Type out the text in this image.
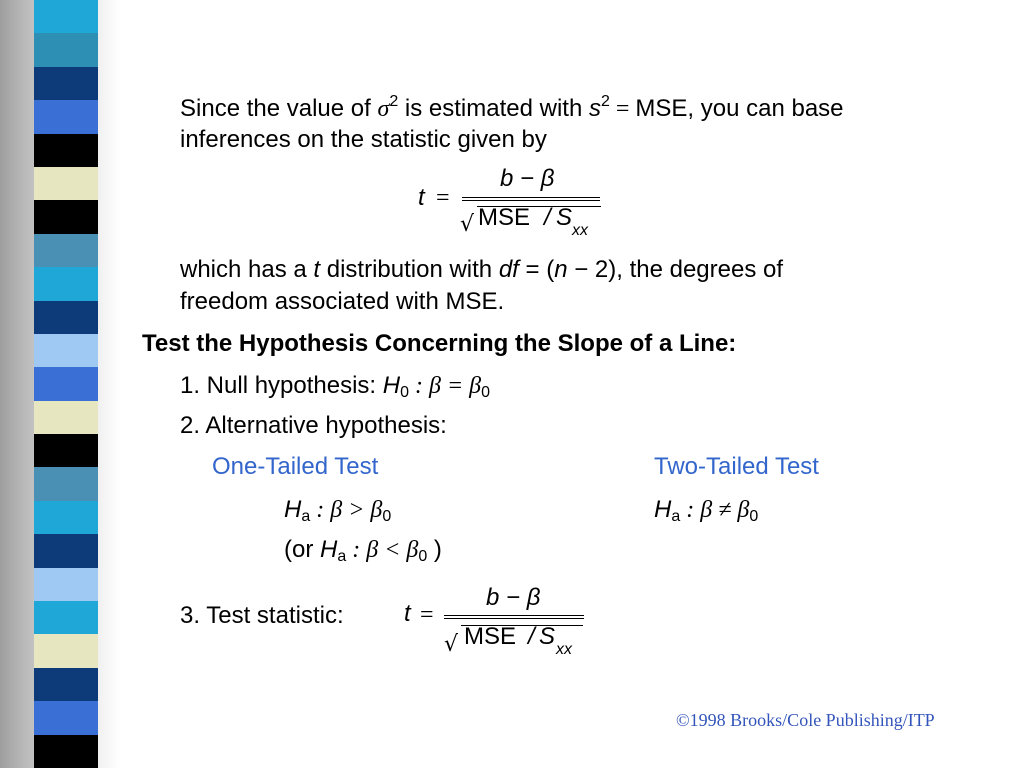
Since the value of $\sigma^2$ is estimated with $s^2$ = MSE, you can base
inferences on the statistic given by
t =
b − β
√ MSE / S xx
which has a t distribution with df = (n − 2), the degrees of
freedom associated with MSE.
Test the Hypothesis Concerning the Slope of a Line:
1. Null hypothesis: $H_0$ : $\beta = \beta_0$
2. Alternative hypothesis:
One-Tailed Test	Two-Tailed Test
$H_a$ : $\beta > \beta_0$	$H_a$ : $\beta \ne \beta_0$
(or $H_a$ : $\beta < \beta_0$ )
3. Test statistic:	t =
b − β
√ MSE / S xx
©1998 Brooks/Cole Publishing/ITP
